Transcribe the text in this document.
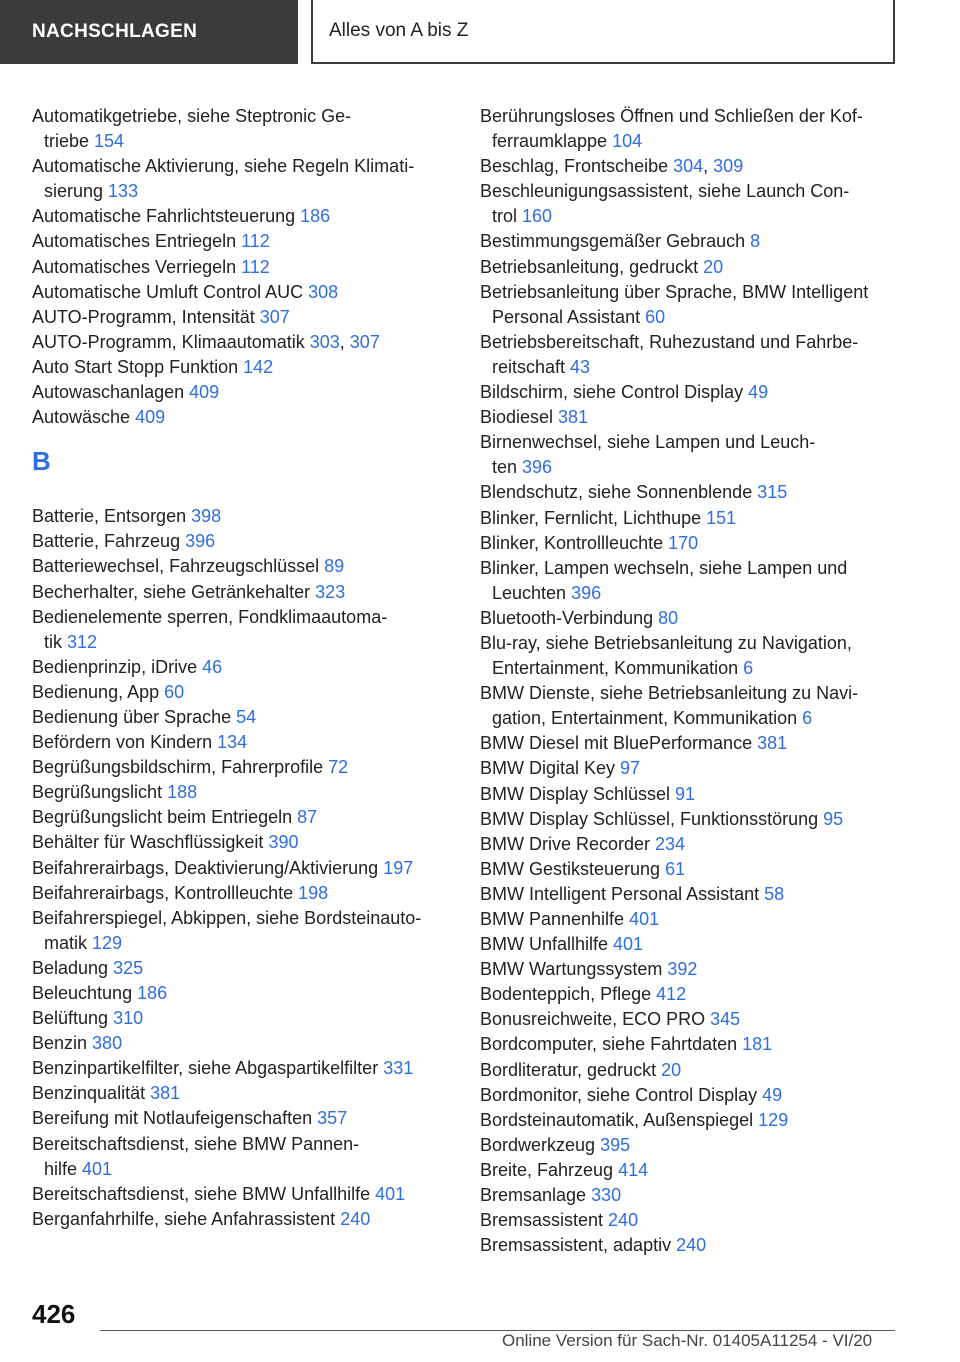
NACHSCHLAGEN	Alles von A bis Z
Automatikgetriebe, siehe Steptronic Ge-
triebe 154
Automatische Aktivierung, siehe Regeln Klimati-
sierung 133
Automatische Fahrlichtsteuerung 186
Automatisches Entriegeln 112
Automatisches Verriegeln 112
Automatische Umluft Control AUC 308
AUTO-Programm, Intensität 307
AUTO-Programm, Klimaautomatik 303, 307
Auto Start Stopp Funktion 142
Autowaschanlagen 409
Autowäsche 409
B
Batterie, Entsorgen 398
Batterie, Fahrzeug 396
Batteriewechsel, Fahrzeugschlüssel 89
Becherhalter, siehe Getränkehalter 323
Bedienelemente sperren, Fondklimaautoma-
tik 312
Bedienprinzip, iDrive 46
Bedienung, App 60
Bedienung über Sprache 54
Befördern von Kindern 134
Begrüßungsbildschirm, Fahrerprofile 72
Begrüßungslicht 188
Begrüßungslicht beim Entriegeln 87
Behälter für Waschflüssigkeit 390
Beifahrerairbags, Deaktivierung/Aktivierung 197
Beifahrerairbags, Kontrollleuchte 198
Beifahrerspiegel, Abkippen, siehe Bordsteinauto-
matik 129
Beladung 325
Beleuchtung 186
Belüftung 310
Benzin 380
Benzinpartikelfilter, siehe Abgaspartikelfilter 331
Benzinqualität 381
Bereifung mit Notlaufeigenschaften 357
Bereitschaftsdienst, siehe BMW Pannen-
hilfe 401
Bereitschaftsdienst, siehe BMW Unfallhilfe 401
Berganfahrhilfe, siehe Anfahrassistent 240
Berührungsloses Öffnen und Schließen der Kof-
ferraumklappe 104
Beschlag, Frontscheibe 304, 309
Beschleunigungsassistent, siehe Launch Con-
trol 160
Bestimmungsgemäßer Gebrauch 8
Betriebsanleitung, gedruckt 20
Betriebsanleitung über Sprache, BMW Intelligent
Personal Assistant 60
Betriebsbereitschaft, Ruhezustand und Fahrbe-
reitschaft 43
Bildschirm, siehe Control Display 49
Biodiesel 381
Birnenwechsel, siehe Lampen und Leuch-
ten 396
Blendschutz, siehe Sonnenblende 315
Blinker, Fernlicht, Lichthupe 151
Blinker, Kontrollleuchte 170
Blinker, Lampen wechseln, siehe Lampen und
Leuchten 396
Bluetooth-Verbindung 80
Blu-ray, siehe Betriebsanleitung zu Navigation,
Entertainment, Kommunikation 6
BMW Dienste, siehe Betriebsanleitung zu Navi-
gation, Entertainment, Kommunikation 6
BMW Diesel mit BluePerformance 381
BMW Digital Key 97
BMW Display Schlüssel 91
BMW Display Schlüssel, Funktionsstörung 95
BMW Drive Recorder 234
BMW Gestiksteuerung 61
BMW Intelligent Personal Assistant 58
BMW Pannenhilfe 401
BMW Unfallhilfe 401
BMW Wartungssystem 392
Bodenteppich, Pflege 412
Bonusreichweite, ECO PRO 345
Bordcomputer, siehe Fahrtdaten 181
Bordliteratur, gedruckt 20
Bordmonitor, siehe Control Display 49
Bordsteinautomatik, Außenspiegel 129
Bordwerkzeug 395
Breite, Fahrzeug 414
Bremsanlage 330
Bremsassistent 240
Bremsassistent, adaptiv 240
426
Online Version für Sach-Nr. 01405A11254 - VI/20
